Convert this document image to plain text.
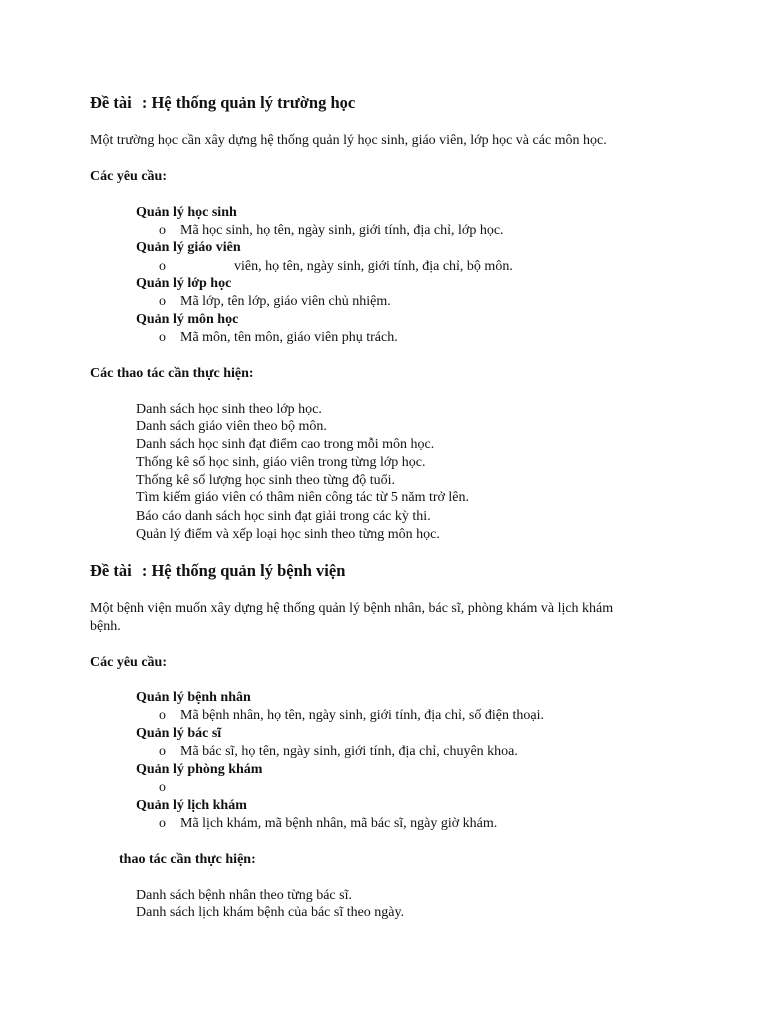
Đề tài : Hệ thống quản lý trường học
Một trường học cần xây dựng hệ thống quản lý học sinh, giáo viên, lớp học và các môn học.
Các yêu cầu:
Quản lý học sinh
o Mã học sinh, họ tên, ngày sinh, giới tính, địa chỉ, lớp học.
Quản lý giáo viên
o	viên, họ tên, ngày sinh, giới tính, địa chỉ, bộ môn.
Quản lý lớp học
o Mã lớp, tên lớp, giáo viên chủ nhiệm.
Quản lý môn học
o Mã môn, tên môn, giáo viên phụ trách.
Các thao tác cần thực hiện:
Danh sách học sinh theo lớp học.
Danh sách giáo viên theo bộ môn.
Danh sách học sinh đạt điểm cao trong mỗi môn học.
Thống kê số học sinh, giáo viên trong từng lớp học.
Thống kê số lượng học sinh theo từng độ tuổi.
Tìm kiếm giáo viên có thâm niên công tác từ 5 năm trở lên.
Báo cáo danh sách học sinh đạt giải trong các kỳ thi.
Quản lý điểm và xếp loại học sinh theo từng môn học.
Đề tài : Hệ thống quản lý bệnh viện
Một bệnh viện muốn xây dựng hệ thống quản lý bệnh nhân, bác sĩ, phòng khám và lịch khám
bệnh.
Các yêu cầu:
Quản lý bệnh nhân
o Mã bệnh nhân, họ tên, ngày sinh, giới tính, địa chỉ, số điện thoại.
Quản lý bác sĩ
o Mã bác sĩ, họ tên, ngày sinh, giới tính, địa chỉ, chuyên khoa.
Quản lý phòng khám
o
Quản lý lịch khám
o Mã lịch khám, mã bệnh nhân, mã bác sĩ, ngày giờ khám.
thao tác cần thực hiện:
Danh sách bệnh nhân theo từng bác sĩ.
Danh sách lịch khám bệnh của bác sĩ theo ngày.
